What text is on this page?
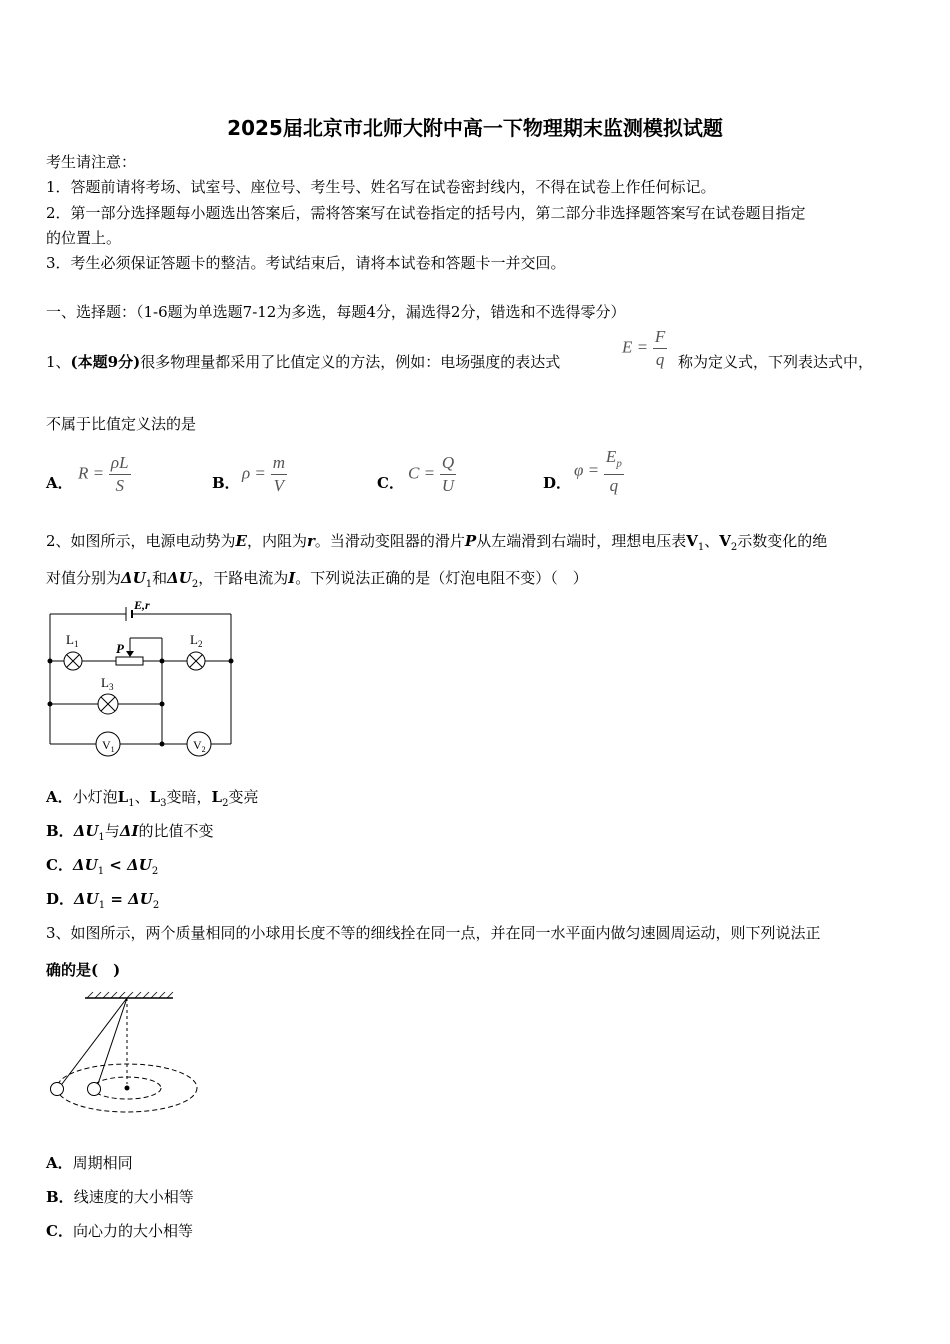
2025届北京市北师大附中高一下物理期末监测模拟试题
考生请注意：
1．答题前请将考场、试室号、座位号、考生号、姓名写在试卷密封线内，不得在试卷上作任何标记。
2．第一部分选择题每小题选出答案后，需将答案写在试卷指定的括号内，第二部分非选择题答案写在试卷题目指定
的位置上。
3．考生必须保证答题卡的整洁。考试结束后，请将本试卷和答题卡一并交回。
一、选择题：（1-6题为单选题7-12为多选，每题4分，漏选得2分，错选和不选得零分）
1、(本题9分)很多物理量都采用了比值定义的方法，例如：电场强度的表达式
$E = \frac{F}{q}$ 称为定义式，下列表达式中，
不属于比值定义法的是
A．
$R = \frac{\rho L}{S}$	B．
$\rho = \frac{m}{V}$	C．
$C = \frac{Q}{U}$	D．
$\varphi = \frac{E_p}{q}$
2、如图所示，电源电动势为E，内阻为r。当滑动变阻器的滑片P从左端滑到右端时，理想电压表$V_1$、$V_2$示数变化的绝
对值分别为$\Delta U_1$和$\Delta U_2$，干路电流为I。下列说法正确的是（灯泡电阻不变）（　）
E,r
$L_1$	$L_2$
$L_3$
P
$V_1$	$V_2$
A．小灯泡$L_1$、$L_3$变暗，$L_2$变亮
B．$\Delta U_1$与ΔI的比值不变
C．$\Delta U_1 < \Delta U_2$
D．$\Delta U_1 = \Delta U_2$
3、如图所示，两个质量相同的小球用长度不等的细线拴在同一点，并在同一水平面内做匀速圆周运动，则下列说法正
确的是(　)
A．周期相同
B．线速度的大小相等
C．向心力的大小相等
